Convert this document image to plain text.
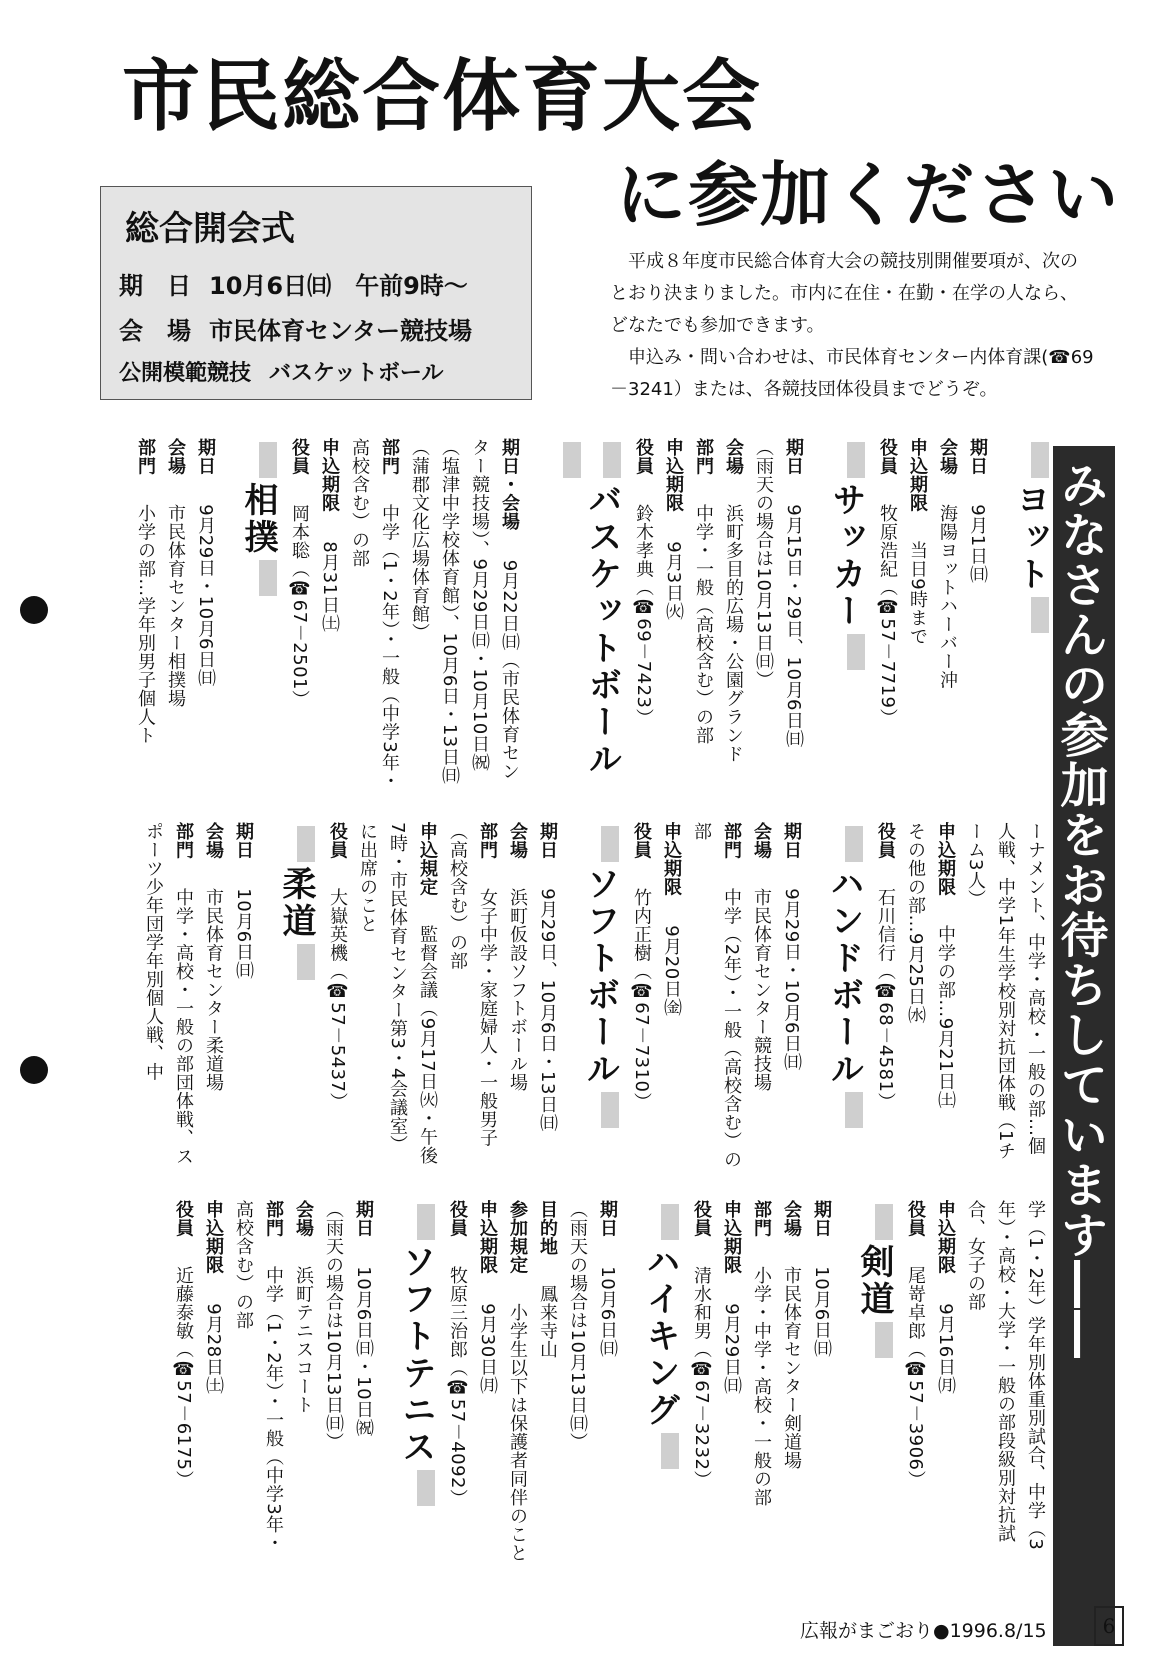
市民総合体育大会
に参加ください
総合開会式
期　日 10月6日㈰　午前9時～
会　場 市民体育センター競技場
公開模範競技 バスケットボール

平成８年度市民総合体育大会の競技別開催要項が、次のとおり決まりました。市内に在住・在勤・在学の人なら、どなたでも参加できます。

申込み・問い合わせは、市民体育センター内体育課(☎69－3241）または、各競技団体役員までどうぞ。

みなさんの参加をお待ちしています――
ヨット
期日　9月1日㈰
会場　海陽ヨットハーバー沖
申込期限　当日9時まで
役員　牧原浩紀（☎57－7719）
サッカー
期日　9月15日・29日、10月6日㈰
（雨天の場合は10月13日㈰）
会場　浜町多目的広場・公園グランド
部門　中学・一般（高校含む）の部
申込期限　9月3日㈫
役員　鈴木孝典（☎69－7423）
バスケットボール
期日・会場　9月22日㈰（市民体育センター競技場）、9月29日㈰・10月10日㈷（塩津中学校体育館）、10月6日・13日㈰（蒲郡文化広場体育館）
部門　中学（1・2年）・一般（中学3年・高校含む）の部
申込期限　8月31日㈯
役員　岡本聡（☎67－2501）
相撲
期日　9月29日・10月6日㈰
会場　市民体育センター相撲場
部門　小学の部…学年別男子個人ト
ーナメント、中学・高校・一般の部…個人戦、中学1年生学校別対抗団体戦（1チーム3人）
申込期限　中学の部…9月21日㈯
その他の部…9月25日㈬
役員　石川信行（☎68－4581）
ハンドボール
期日　9月29日・10月6日㈰
会場　市民体育センター競技場
部門　中学（2年）・一般（高校含む）の部
申込期限　9月20日㈮
役員　竹内正樹（☎67－7310）
ソフトボール
期日　9月29日、10月6日・13日㈰
会場　浜町仮設ソフトボール場
部門　女子中学・家庭婦人・一般男子（高校含む）の部
申込規定　監督会議（9月17日㈫・午後7時・市民体育センター第3・4会議室）に出席のこと
役員　大嶽英機（☎57－5437）
柔道
期日　10月6日㈰
会場　市民体育センター柔道場
部門　中学・高校・一般の部団体戦、スポーツ少年団学年別個人戦、中
学（1・2年）学年別体重別試合、中学（3年）・高校・大学・一般の部段級別対抗試合、女子の部
申込期限　9月16日㈪
役員　尾嵜卓郎（☎57－3906）
剣道
期日　10月6日㈰
会場　市民体育センター剣道場
部門　小学・中学・高校・一般の部
申込期限　9月29日㈰
役員　清水和男（☎67－3232）
ハイキング
期日　10月6日㈰
（雨天の場合は10月13日㈰）
目的地　鳳来寺山
参加規定　小学生以下は保護者同伴のこと
申込期限　9月30日㈪
役員　牧原三治郎（☎57－4092）
ソフトテニス
期日　10月6日㈰・10日㈷
（雨天の場合は10月13日㈰）
会場　浜町テニスコート
部門　中学（1・2年）・一般（中学3年・高校含む）の部
申込期限　9月28日㈯
役員　近藤泰敏（☎57－6175）
広報がまごおり●1996.8/15	6
